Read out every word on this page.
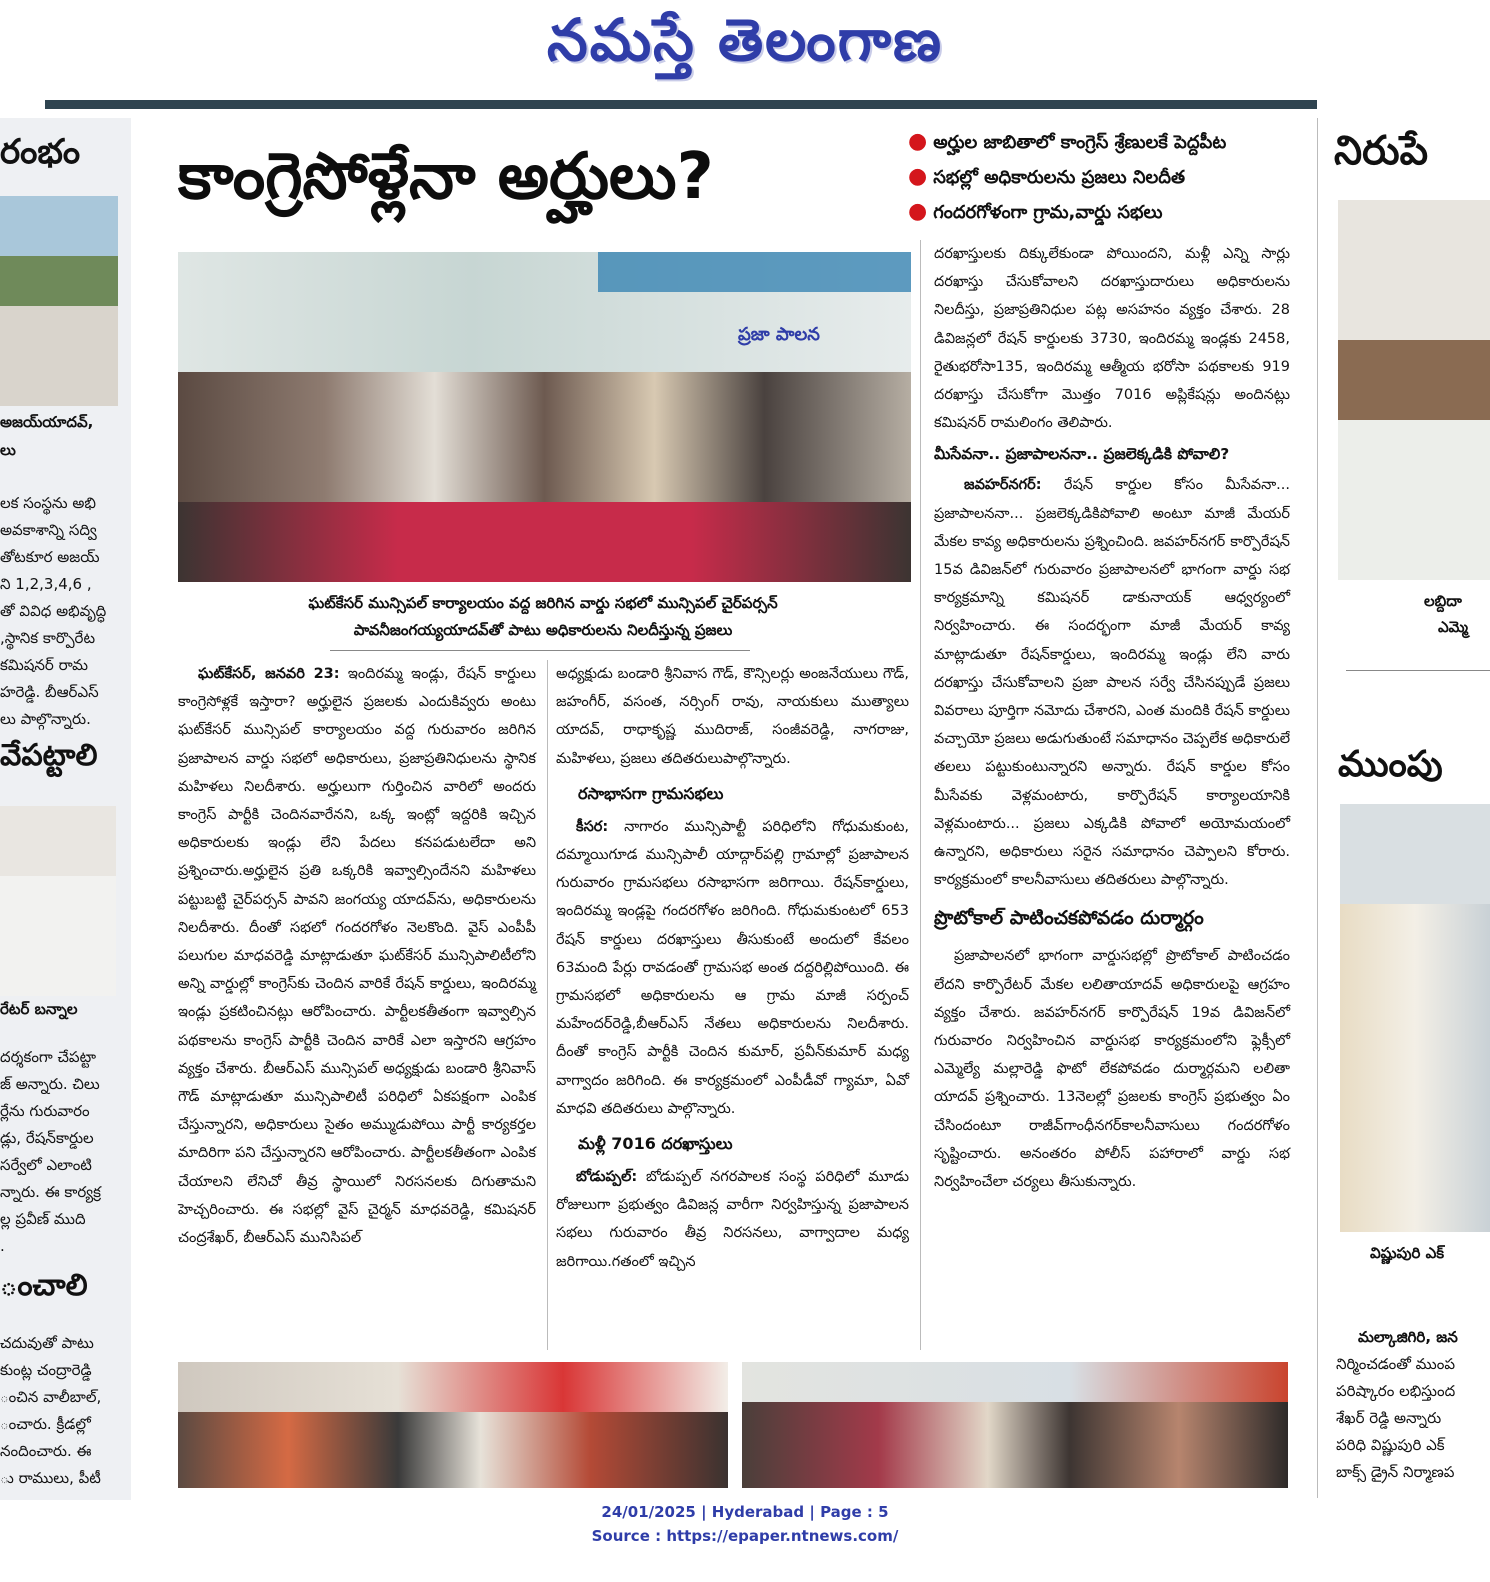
నమస్తే తెలంగాణ
రంభం
అజయ్‌యాదవ్,
లు
లక సంస్థను అభి
అవకాశాన్ని సద్వి
తోటకూర అజయ్
ని 1,2,3,4,6 ,
తో వివిధ అభివృద్ధి
,స్థానిక కార్పొరేట
కమిషనర్ రామ
హరెడ్డి. బీఆర్ఎస్
లు పాల్గొన్నారు.
వేపట్టాలి
రేటర్ బన్నాల
దర్శకంగా చేపట్టా
జ్ అన్నారు. చిలు
ర్లేను గురువారం
డ్లు, రేషన్‌కార్డుల
సర్వేలో ఎలాంటి
న్నారు. ఈ కార్యక్ర
ల్ల ప్రవీణ్ ముది
.
ంచాలి
చదువుతో పాటు
కుంట్ల చంద్రారెడ్డి
ంచిన వాలీబాల్,
ంచారు. క్రీడల్లో
నందించారు. ఈ
ు రాములు, పీటీ
నిరుపే
లబ్దిదా
ఎమ్మె
ముంపు
విష్ణుపురి ఎక్
మల్కాజిగిరి, జన
నిర్మించడంతో ముంప
పరిష్కారం లభిస్తుంద
శేఖర్ రెడ్డి అన్నారు
పరిధి విష్ణుపురి ఎక్
బాక్స్ డ్రైన్ నిర్మాణప
కాంగ్రెసోళ్లేనా అర్హులు?	● అర్హుల జాబితాలో కాంగ్రెస్ శ్రేణులకే పెద్దపీట
● సభల్లో అధికారులను ప్రజలు నిలదీత
● గందరగోళంగా గ్రామ,వార్డు సభలు
ప్రజా పాలన
ఘట్‌కేసర్ మున్సిపల్ కార్యాలయం వద్ద జరిగిన వార్డు సభలో మున్సిపల్ చైర్‌పర్సన్
పావనీజంగయ్యయాదవ్‌తో పాటు అధికారులను నిలదీస్తున్న ప్రజలు

ఘట్‌కేసర్, జనవరి 23: ఇందిరమ్మ ఇండ్లు, రేషన్ కార్డులు కాంగ్రెసోళ్లకే ఇస్తారా? అర్హులైన ప్రజలకు ఎందుకివ్వరు అంటు ఘట్‌కేసర్ మున్సిపల్ కార్యాలయం వద్ద గురువారం జరిగిన ప్రజాపాలన వార్డు సభలో అధికారులు, ప్రజాప్రతినిధులను స్థానిక మహిళలు నిలదీశారు. అర్హులుగా గుర్తించిన వారిలో అందరు కాంగ్రెస్ పార్టీకి చెందినవారేనని, ఒక్క ఇంట్లో ఇద్దరికి ఇచ్చిన అధికారులకు ఇండ్లు లేని పేదలు కనపడుటలేదా అని ప్రశ్నించారు.అర్హులైన ప్రతి ఒక్కరికి ఇవ్వాల్సిందేనని మహిళలు పట్టుబట్టి చైర్‌పర్సన్ పావని జంగయ్య యాదవ్‌ను, అధికారులను నిలదీశారు. దీంతో సభలో గందరగోళం నెలకొంది. వైస్ ఎంపీపీ పలుగుల మాధవరెడ్డి మాట్లాడుతూ ఘట్‌కేసర్ మున్సిపాలిటీలోని అన్ని వార్డుల్లో కాంగ్రెస్‌కు చెందిన వారికే రేషన్ కార్డులు, ఇందిరమ్మ ఇండ్లు ప్రకటించినట్లు ఆరోపించారు. పార్టీలకతీతంగా ఇవ్వాల్సిన పథకాలను కాంగ్రెస్ పార్టీకి చెందిన వారికే ఎలా ఇస్తారని ఆగ్రహం వ్యక్తం చేశారు. బీఆర్ఎస్ మున్సిపల్ అధ్యక్షుడు బండారి శ్రీనివాస్ గౌడ్ మాట్లాడుతూ మున్సిపాలిటీ పరిధిలో ఏకపక్షంగా ఎంపిక చేస్తున్నారని, అధికారులు సైతం అమ్ముడుపోయి పార్టీ కార్యకర్తల మాదిరిగా పని చేస్తున్నారని ఆరోపించారు. పార్టీలకతీతంగా ఎంపిక చేయాలని లేనిచో తీవ్ర స్థాయిలో నిరసనలకు దిగుతామని హెచ్చరించారు. ఈ సభల్లో వైస్ చైర్మన్ మాధవరెడ్డి, కమిషనర్ చంద్రశేఖర్, బీఆర్ఎస్ మునిసిపల్

అధ్యక్షుడు బండారి శ్రీనివాస గౌడ్, కౌన్సిలర్లు అంజనేయులు గౌడ్, జహంగీర్, వసంత, నర్సింగ్ రావు, నాయకులు ముత్యాలు యాదవ్, రాధాకృష్ణ ముదిరాజ్, సంజీవరెడ్డి, నాగరాజు, మహిళలు, ప్రజలు తదితరులుపాల్గొన్నారు.

రసాభాసగా గ్రామసభలు

కీసర: నాగారం మున్సిపాల్టీ పరిధిలోని గోధుమకుంట, దమ్మాయిగూడ మున్సిపాలీ యాద్గార్‌పల్లి గ్రామాల్లో ప్రజాపాలన గురువారం గ్రామసభలు రసాభాసగా జరిగాయి. రేషన్‌కార్డులు, ఇందిరమ్మ ఇండ్లపై గందరగోళం జరిగింది. గోధుమకుంటలో 653 రేషన్ కార్డులు దరఖాస్తులు తీసుకుంటే అందులో కేవలం 63మంది పేర్లు రావడంతో గ్రామసభ అంత దద్దరిల్లిపోయింది. ఈ గ్రామసభలో అధికారులను ఆ గ్రామ మాజీ సర్పంచ్ మహేందర్‌రెడ్డి,బీఆర్ఎస్ నేతలు అధికారులను నిలదీశారు. దీంతో కాంగ్రెస్ పార్టీకి చెందిన కుమార్, ప్రవీన్‌కుమార్ మధ్య వాగ్వాదం జరిగింది. ఈ కార్యక్రమంలో ఎంపీడీవో గ్యామా, ఏవో మాధవి తదితరులు పాల్గొన్నారు.

మళ్లీ 7016 దరఖాస్తులు

బోడుప్పల్: బోడుప్పల్ నగరపాలక సంస్థ పరిధిలో మూడు రోజులుగా ప్రభుత్వం డివిజన్ల వారీగా నిర్వహిస్తున్న ప్రజాపాలన సభలు గురువారం తీవ్ర నిరసనలు, వాగ్వాదాల మధ్య జరిగాయి.గతంలో ఇచ్చిన

దరఖాస్తులకు దిక్కులేకుండా పోయిందని, మళ్లీ ఎన్ని సార్లు దరఖాస్తు చేసుకోవాలని దరఖాస్తుదారులు అధికారులను నిలదీస్తు, ప్రజాప్రతినిధుల పట్ల అసహనం వ్యక్తం చేశారు. 28 డివిజన్లలో రేషన్ కార్డులకు 3730, ఇందిరమ్మ ఇండ్లకు 2458, రైతుభరోసా135, ఇందిరమ్మ ఆత్మీయ భరోసా పథకాలకు 919 దరఖాస్తు చేసుకోగా మొత్తం 7016 అప్లికేషన్లు అందినట్లు కమిషనర్ రామలింగం తెలిపారు.

మీసేవనా.. ప్రజాపాలననా.. ప్రజలెక్కడికి పోవాలి?

జవహర్‌నగర్: రేషన్ కార్డుల కోసం మీసేవనా... ప్రజాపాలననా... ప్రజలెక్కడికిపోవాలి అంటూ మాజీ మేయర్ మేకల కావ్య అధికారులను ప్రశ్నించింది. జవహర్‌నగర్ కార్పొరేషన్ 15వ డివిజన్‌లో గురువారం ప్రజాపాలనలో భాగంగా వార్డు సభ కార్యక్రమాన్ని కమిషనర్ డాకునాయక్ ఆధ్వర్యంలో నిర్వహించారు. ఈ సందర్భంగా మాజీ మేయర్ కావ్య మాట్లాడుతూ రేషన్‌కార్డులు, ఇందిరమ్మ ఇండ్లు లేని వారు దరఖాస్తు చేసుకోవాలని ప్రజా పాలన సర్వే చేసినప్పుడే ప్రజలు వివరాలు పూర్తిగా నమోదు చేశారని, ఎంత మందికి రేషన్ కార్డులు వచ్చాయో ప్రజలు అడుగుతుంటే సమాధానం చెప్పలేక అధికారులే తలలు పట్టుకుంటున్నారని అన్నారు. రేషన్ కార్డుల కోసం మీసేవకు వెళ్లమంటారు, కార్పొరేషన్ కార్యాలయానికి వెళ్లమంటారు... ప్రజలు ఎక్కడికి పోవాలో అయోమయంలో ఉన్నారని, అధికారులు సరైన సమాధానం చెప్పాలని కోరారు. కార్యక్రమంలో కాలనీవాసులు తదితరులు పాల్గొన్నారు.

ప్రొటోకాల్ పాటించకపోవడం దుర్మార్గం

ప్రజాపాలనలో భాగంగా వార్డుసభల్లో ప్రొటోకాల్ పాటించడం లేదని కార్పొరేటర్ మేకల లలితాయాదవ్ అధికారులపై ఆగ్రహం వ్యక్తం చేశారు. జవహర్‌నగర్ కార్పొరేషన్ 19వ డివిజన్‌లో గురువారం నిర్వహించిన వార్డుసభ కార్యక్రమంలోని ఫ్లెక్సీలో ఎమ్మెల్యే మల్లారెడ్డి ఫొటో లేకపోవడం దుర్మార్గమని లలితా యాదవ్ ప్రశ్నించారు. 13నెలల్లో ప్రజలకు కాంగ్రెస్ ప్రభుత్వం ఏం చేసిందంటూ రాజీవ్‌గాంధీనగర్‌కాలనీవాసులు గందరగోళం సృష్టించారు. అనంతరం పోలీస్ పహారాలో వార్డు సభ నిర్వహించేలా చర్యలు తీసుకున్నారు.

24/01/2025 | Hyderabad | Page : 5
Source : https://epaper.ntnews.com/
